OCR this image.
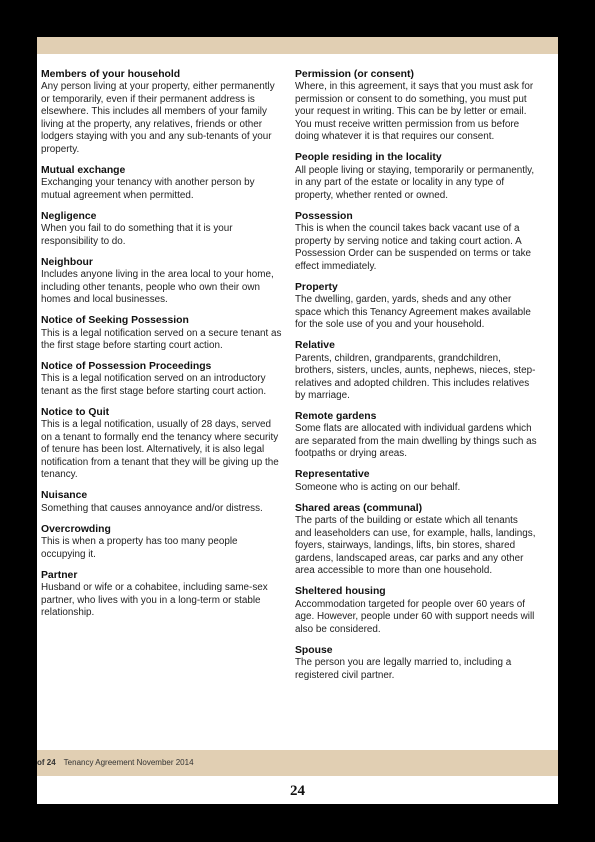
Members of your household

Any person living at your property, either permanently or temporarily, even if their permanent address is elsewhere. This includes all members of your family living at the property, any relatives, friends or other lodgers staying with you and any sub-tenants of your property.

Mutual exchange

Exchanging your tenancy with another person by mutual agreement when permitted.

Negligence

When you fail to do something that it is your responsibility to do.

Neighbour

Includes anyone living in the area local to your home, including other tenants, people who own their own homes and local businesses.

Notice of Seeking Possession

This is a legal notification served on a secure tenant as the first stage before starting court action.

Notice of Possession Proceedings

This is a legal notification served on an introductory tenant as the first stage before starting court action.

Notice to Quit

This is a legal notification, usually of 28 days, served on a tenant to formally end the tenancy where security of tenure has been lost. Alternatively, it is also legal notification from a tenant that they will be giving up the tenancy.

Nuisance

Something that causes annoyance and/or distress.

Overcrowding

This is when a property has too many people occupying it.

Partner

Husband or wife or a cohabitee, including same-sex partner, who lives with you in a long-term or stable relationship.

Permission (or consent)

Where, in this agreement, it says that you must ask for permission or consent to do something, you must put your request in writing. This can be by letter or email. You must receive written permission from us before doing whatever it is that requires our consent.

People residing in the locality

All people living or staying, temporarily or permanently, in any part of the estate or locality in any type of property, whether rented or owned.

Possession

This is when the council takes back vacant use of a property by serving notice and taking court action. A Possession Order can be suspended on terms or take effect immediately.

Property

The dwelling, garden, yards, sheds and any other space which this Tenancy Agreement makes available for the sole use of you and your household.

Relative

Parents, children, grandparents, grandchildren, brothers, sisters, uncles, aunts, nephews, nieces, step-relatives and adopted children. This includes relatives by marriage.

Remote gardens

Some flats are allocated with individual gardens which are separated from the main dwelling by things such as footpaths or drying areas.

Representative

Someone who is acting on our behalf.

Shared areas (communal)

The parts of the building or estate which all tenants and leaseholders can use, for example, halls, landings, foyers, stairways, landings, lifts, bin stores, shared gardens, landscaped areas, car parks and any other area accessible to more than one household.

Sheltered housing

Accommodation targeted for people over 60 years of age. However, people under 60 with support needs will also be considered.

Spouse

The person you are legally married to, including a registered civil partner.

of 24 Tenancy Agreement November 2014
24
